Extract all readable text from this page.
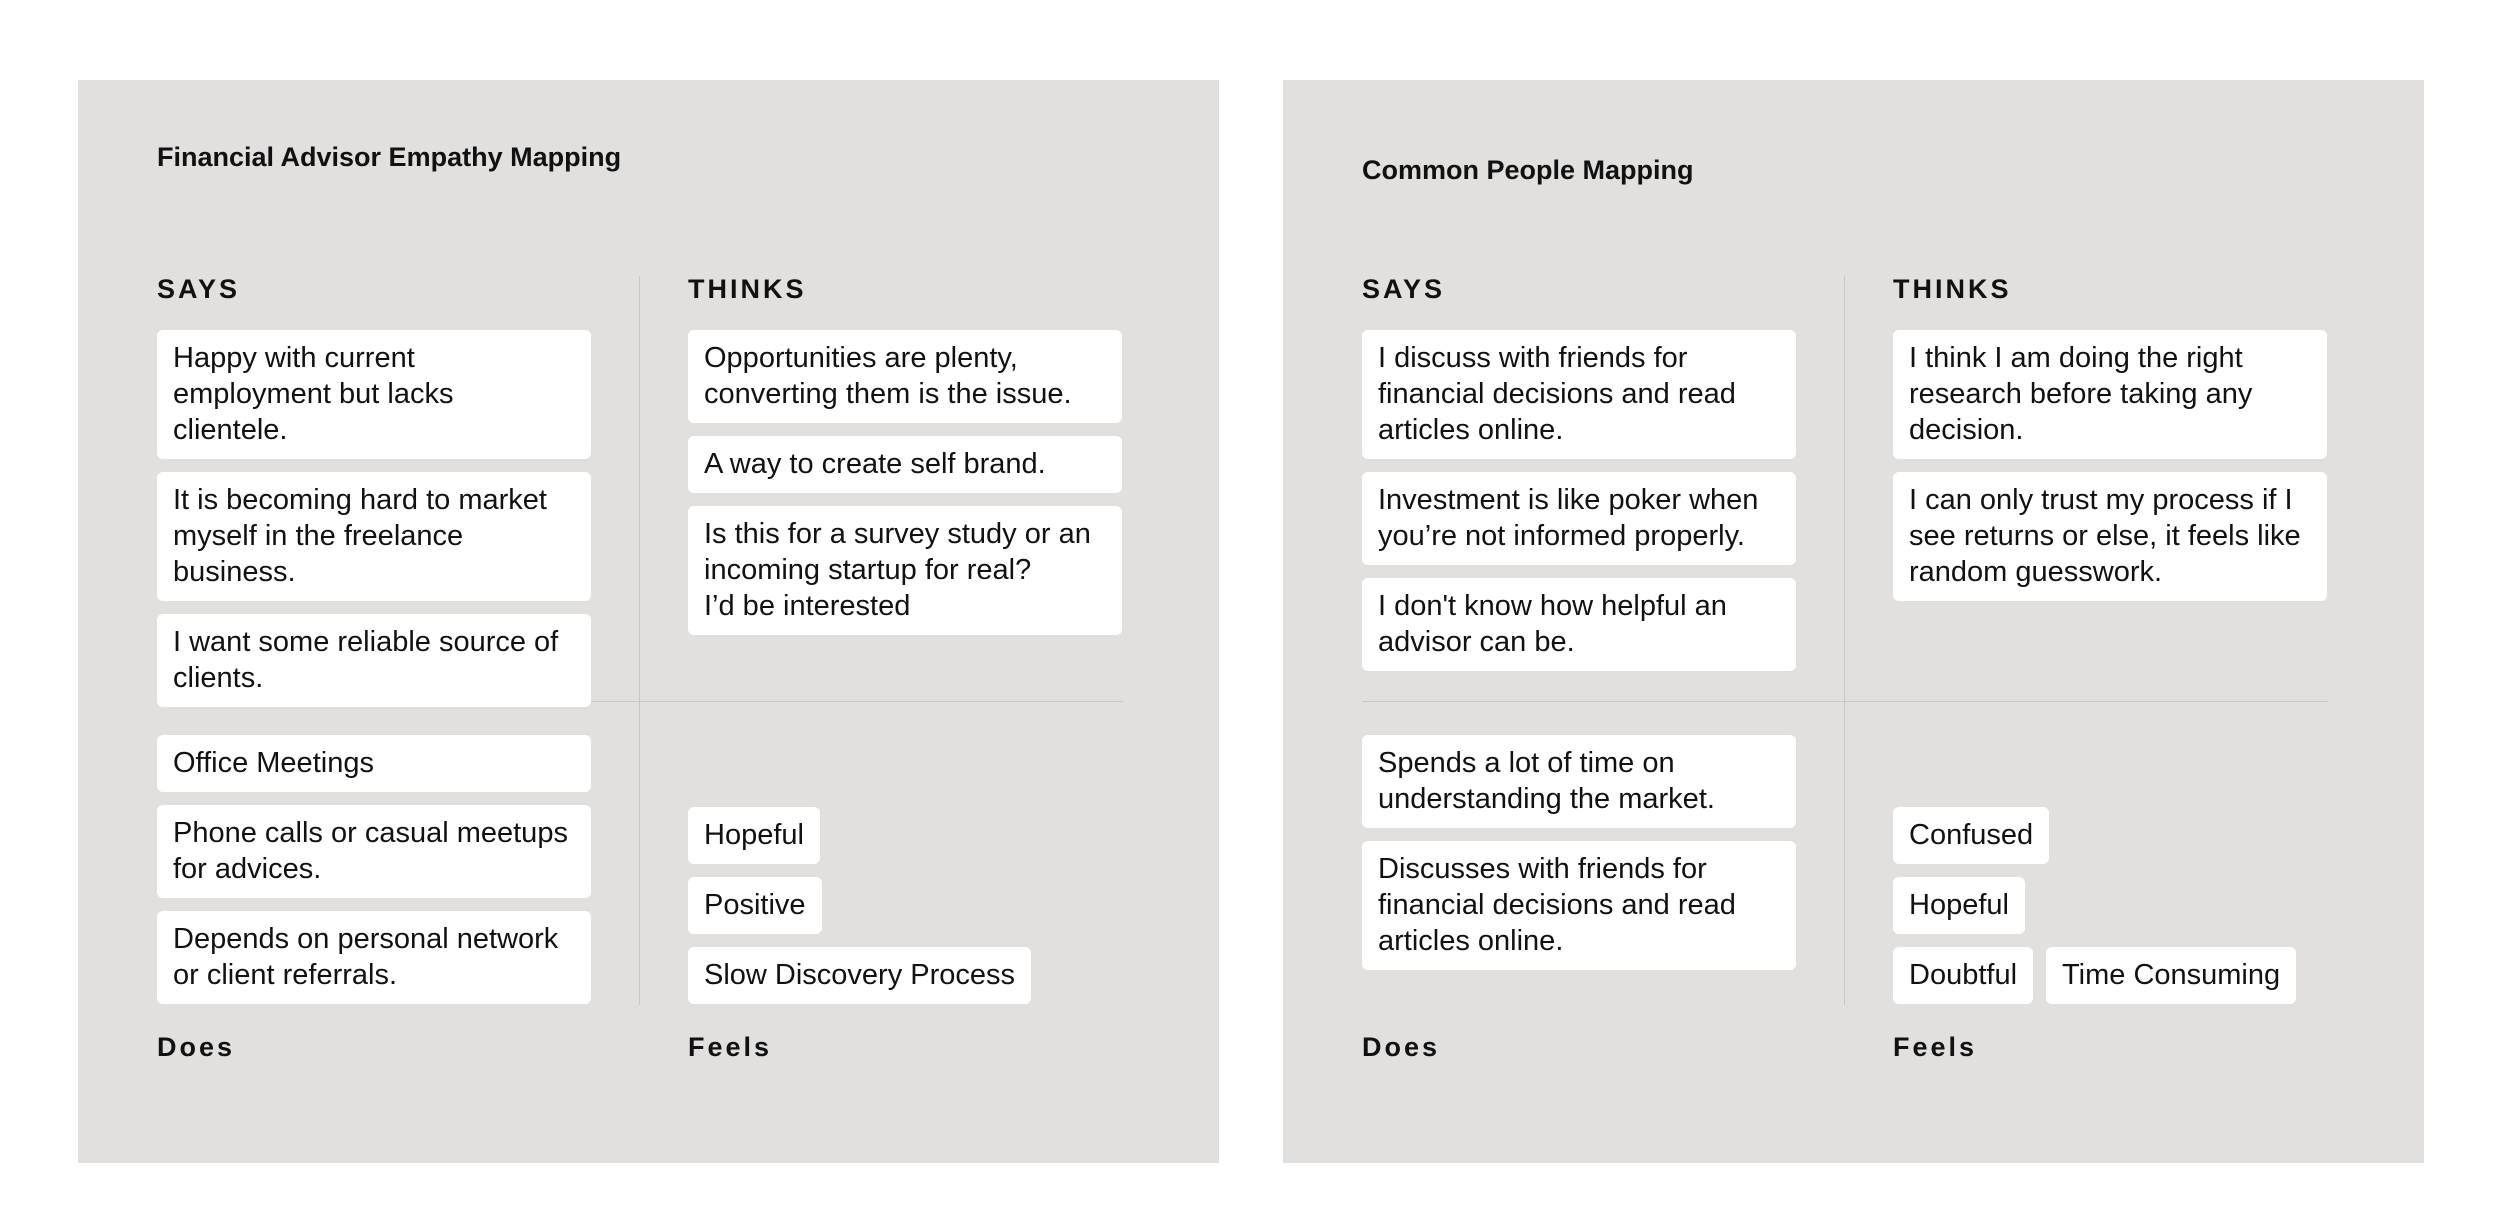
Financial Advisor Empathy Mapping
SAYS	THINKS
Does	Feels
Happy with current employment but lacks clientele.
It is becoming hard to market myself in the freelance business.
I want some reliable source of clients.
Opportunities are plenty, converting them is the issue.
A way to create self brand.
Is this for a survey study or an incoming startup for real?
I’d be interested
Office Meetings
Phone calls or casual meetups for advices.
Depends on personal network or client referrals.
Hopeful
Positive
Slow Discovery Process
Common People Mapping
SAYS	THINKS
Does	Feels
I discuss with friends for financial decisions and read articles online.
Investment is like poker when you’re not informed properly.
I don't know how helpful an advisor can be.
I think I am doing the right research before taking any decision.
I can only trust my process if I see returns or else, it feels like random guesswork.
Spends a lot of time on understanding the market.
Discusses with friends for financial decisions and read articles online.
Confused
Hopeful
Doubtful	Time Consuming
